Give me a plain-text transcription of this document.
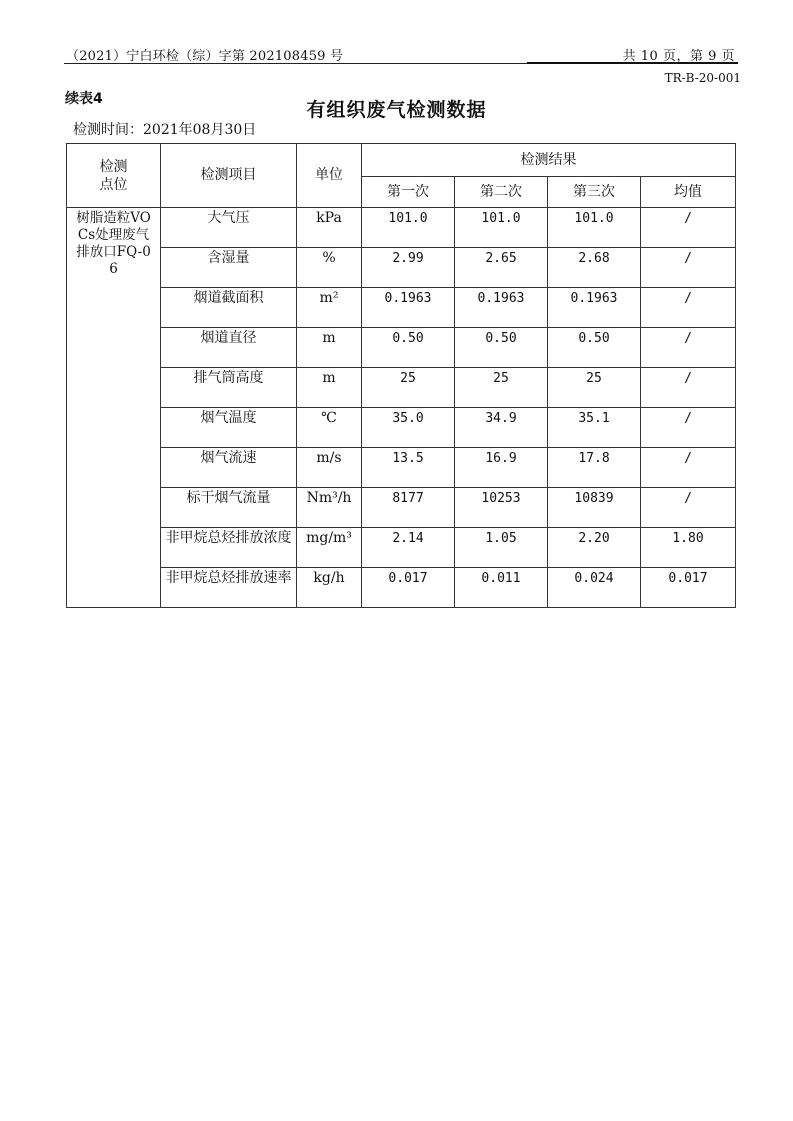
（2021）宁白环检（综）字第 202108459 号	共 10 页，第 9 页
TR-B-20-001
续表4	有组织废气检测数据
检测时间：2021年08月30日
检测点位	检测项目	单位	检测结果			
			第一次	第二次	第三次	均值

树脂造粒VOCs处理废气排放口FQ-06	大气压	kPa	101.0	101.0	101.0	/
	含湿量	%	2.99	2.65	2.68	/
	烟道截面积	m²	0.1963	0.1963	0.1963	/
	烟道直径	m	0.50	0.50	0.50	/
	排气筒高度	m	25	25	25	/
	烟气温度	℃	35.0	34.9	35.1	/
	烟气流速	m/s	13.5	16.9	17.8	/
	标干烟气流量	Nm³/h	8177	10253	10839	/
	非甲烷总烃排放浓度	mg/m³	2.14	1.05	2.20	1.80
	非甲烷总烃排放速率	kg/h	0.017	0.011	0.024	0.017
